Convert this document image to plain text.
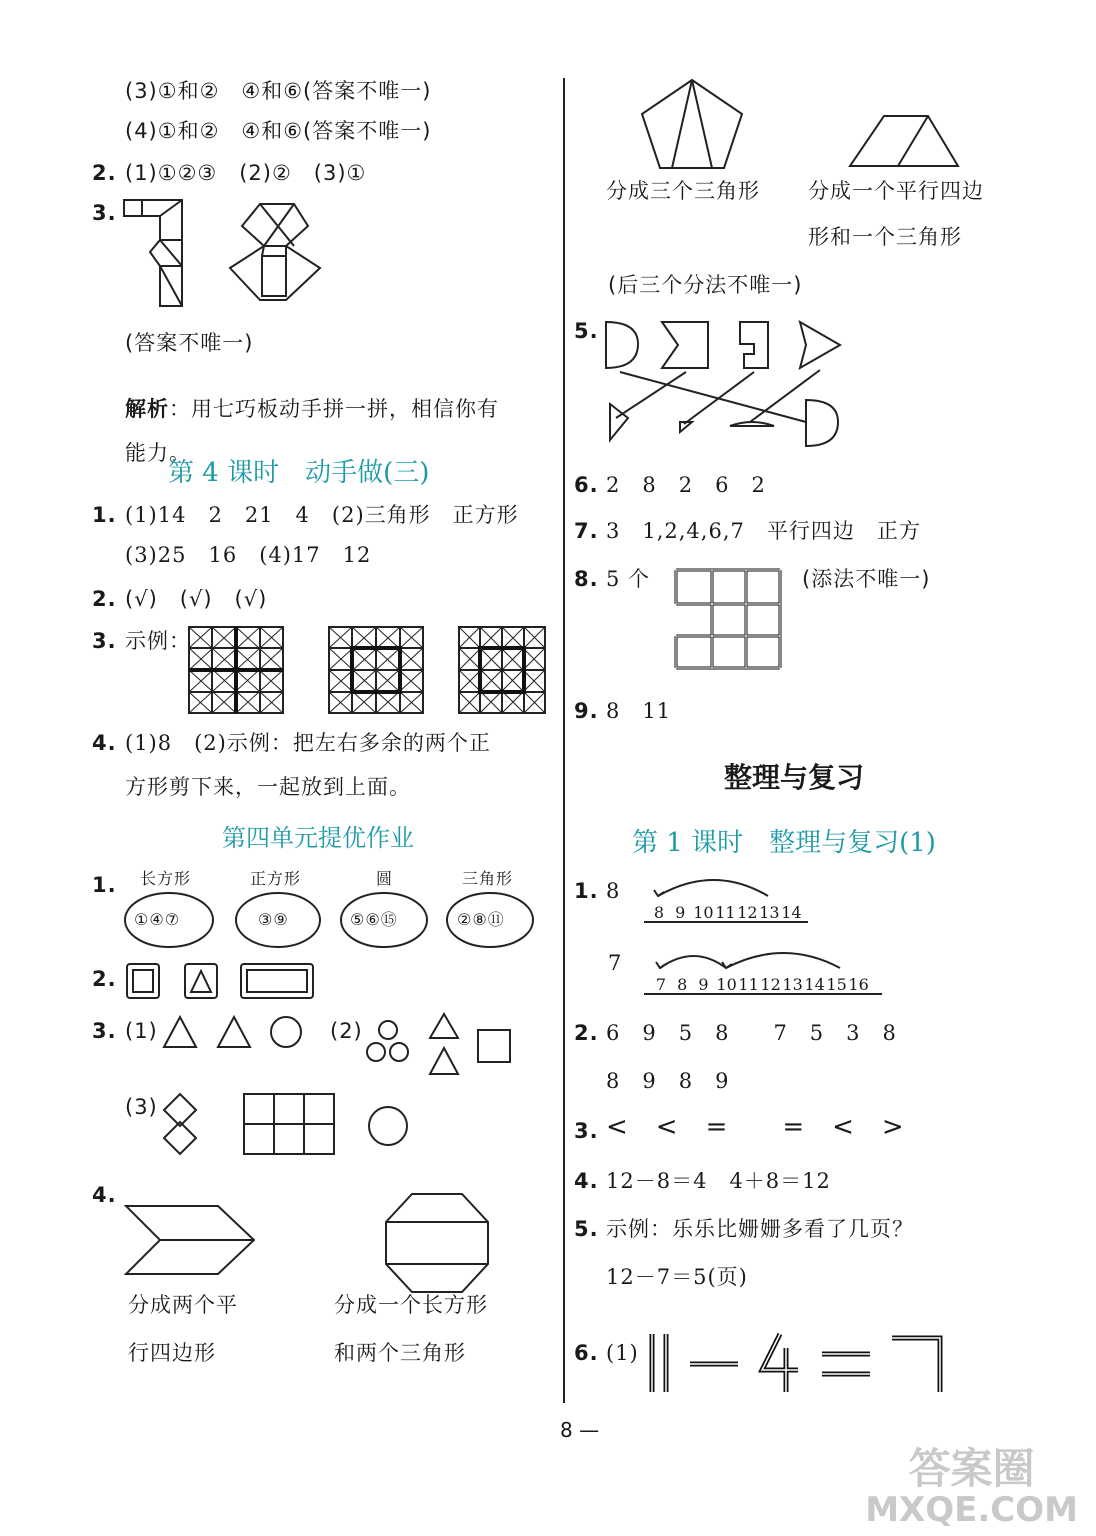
(3)①和②　④和⑥(答案不唯一)
(4)①和②　④和⑥(答案不唯一)
2. (1)①②③　(2)②　(3)①
3.
(答案不唯一)
解析：用七巧板动手拼一拼，相信你有
能力。
第 4 课时　动手做(三)
1. (1)14　2　21　4　(2)三角形　正方形
(3)25　16　(4)17　12
2. (√)　(√)　(√)
3. 示例：
4. (1)8　(2)示例：把左右多余的两个正
方形剪下来，一起放到上面。
第四单元提优作业
1. 长方形	正方形	圆	三角形
①④⑦	③⑨	⑤⑥⑮	②⑧⑪
2.
3. (1)	(2)
(3)
4.
分成两个平
行四边形
分成一个长方形
和两个三角形
分成三个三角形 分成一个平行四边
形和一个三角形
(后三个分法不唯一)
5.
6. 2　8　2　6　2
7. 3　1,2,4,6,7　平行四边　正方
8. 5 个	(添法不唯一)
9. 8　11
整理与复习
第 1 课时　整理与复习(1)
1. 8
8  9  10 11 12 13 14
7
7  8  9  10 11 12 13 14 15 16
2. 6　9　5　8　　7　5　3　8
8　9　8　9
3. <　<　=　　=　<　>
4. 12－8＝4　4＋8＝12
5. 示例：乐乐比姗姗多看了几页？
12－7＝5(页)
6. (1)
8 —
答案圈
MXQE.COM
